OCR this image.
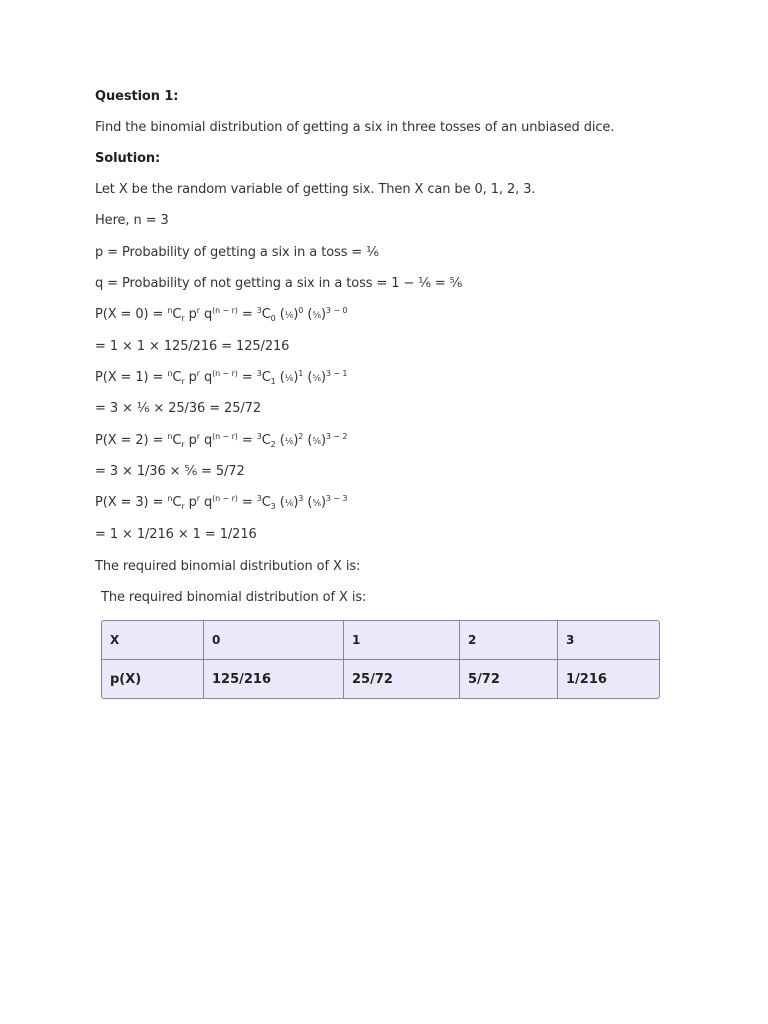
Question 1:
Find the binomial distribution of getting a six in three tosses of an unbiased dice.
Solution:
Let X be the random variable of getting six. Then X can be 0, 1, 2, 3.
Here, n = 3
p = Probability of getting a six in a toss = ⅙
q = Probability of not getting a six in a toss = 1 − ⅙ = ⅚
$P(X = 0) = ^nC_r$ $p^r$ $q^{(n - r)} = ^3C_0$ (⅙)$^0$ (⅚)$^{3 - 0}$
= 1 × 1 × 125/216 = 125/216
$P(X = 1) = ^nC_r$ $p^r$ $q^{(n - r)} = ^3C_1$ (⅙)$^1$ (⅚)$^{3 - 1}$
= 3 × ⅙ × 25/36 = 25/72
$P(X = 2) = ^nC_r$ $p^r$ $q^{(n - r)} = ^3C_2$ (⅙)$^2$ (⅚)$^{3 - 2}$
= 3 × 1/36 × ⅚ = 5/72
$P(X = 3) = ^nC_r$ $p^r$ $q^{(n - r)} = ^3C_3$ (⅙)$^3$ (⅚)$^{3 - 3}$
= 1 × 1/216 × 1 = 1/216
The required binomial distribution of X is:
The required binomial distribution of X is:
X	0	1	2	3
p(X)	125/216	25/72	5/72	1/216
